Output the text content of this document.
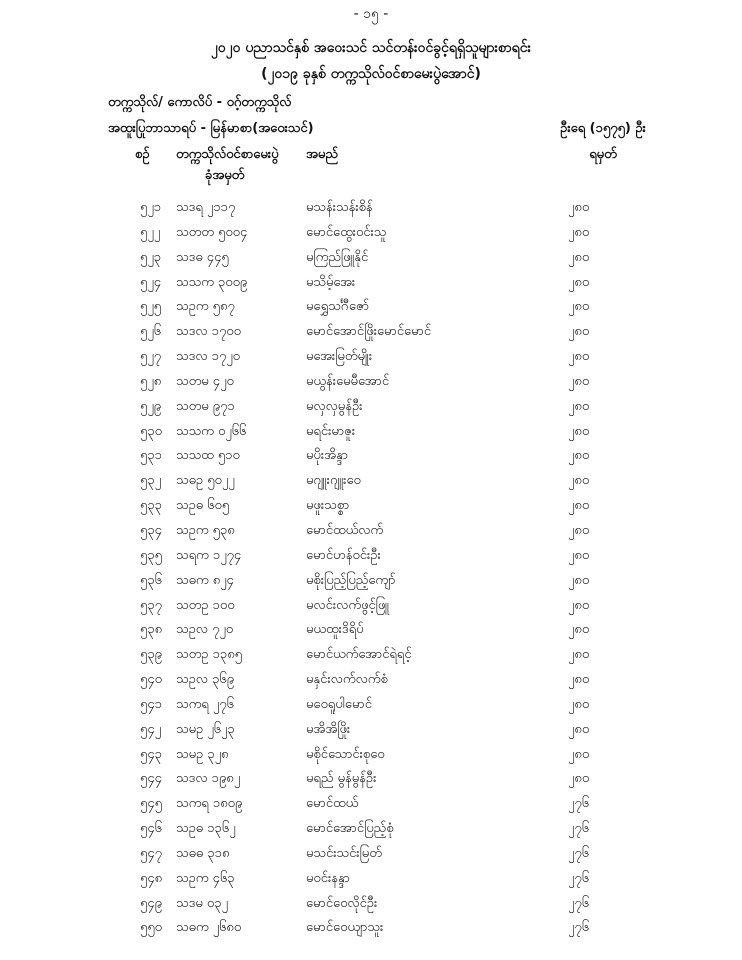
- ၁၅ -
၂၀၂၀ ပညာသင်နှစ် အဝေးသင် သင်တန်းဝင်ခွင့်ရရှိသူများစာရင်း
(၂၀၁၉ ခုနှစ် တက္ကသိုလ်ဝင်စာမေးပွဲအောင်)
တက္ကသိုလ်/ ကောလိပ် - ဝဂ့်တက္ကသိုလ်
အထူးပြုဘာသာရပ် - မြန်မာစာ(အဝေးသင်)	ဦးရေ (၁၅၇၅) ဦး
ရမှတ်
စဉ် တက္ကသိုလ်ဝင်စာမေးပွဲ
ခုံအမှတ်
အမည်
၅၂၁ သဒရ ၂၁၁၇	မသန်းသန်းစိန်	၂၈၀
၅၂၂ သတတ ၅၀၀၄	မောင်ထွေးဝင်းသူ	၂၈၀
၅၂၃ သဒဓ ၄၄၅	မကြည်ဖြူနိုင်	၂၈၀
၅၂၄ သသက ၃၀၀၉	မသိမ့်အေး	၂၈၀
၅၂၅ သဥက ၅၈၇	မရွှေသင်္ဂီဇော်	၂၈၀
၅၂၆ သဒလ ၁၇၀၀	မောင်အောင်ဖြိုးမောင်မောင်	၂၈၀
၅၂၇ သဒလ ၁၇၂၀	မအေးမြတ်မျိုး	၂၈၀
၅၂၈ သတမ ၄၂၀	မယွန်းမေမီအောင်	၂၈၀
၅၂၉ သတမ ၉၇၁	မလှလှမွန်ဦး	၂၈၀
၅၃၀ သသက ၀၂၆၆	မရင်းမာဇူး	၂၈၀
၅၃၁ သသထ ၅၁၀	မပိုးအိန္ဒာ	၂၈၀
၅၃၂ သဓဥ ၅၀၂၂	မဂျူးဂျူးဝေ	၂၈၀
၅၃၃ သဥဓ ၆၀၅	မဖူးသစ္စာ	၂၈၀
၅၃၄ သဥက ၅၃၈	မောင်ထယ်လက်	၂၈၀
၅၃၅ သရက ၁၂၇၄	မောင်ဟန်ဝင်းဦး	၂၈၀
၅၃၆ သဓက ၈၂၄	မစိုးပြည့်ပြည့်ကျော်	၂၈၀
၅၃၇ သတဥ ၁၀၀	မလင်းလက်ဖွင့်ဖြူ	၂၈၀
၅၃၈ သဥလ ၇၂၀	မယထူးဒိရိပ်	၂၈၀
၅၃၉ သတဥ ၁၃၈၅	မောင်ယက်အောင်ရဲရင့်	၂၈၀
၅၄၀ သဥလ ၃၆၉	မနှင်းလက်လက်စံ	၂၈၀
၅၄၁ သကရ ၂၇၆	မဝေရူပါမောင်	၂၈၀
၅၄၂ သမဥ ၂၆၂၃	မအိအိဖြိုး	၂၈၀
၅၄၃ သမဥ ၃၂၈	မစိုင်သောင်းစုဝေ	၂၈၀
၅၄၄ သဒလ ၁၉၈၂	မရည် မွန်မွန်ဦး	၂၈၀
၅၄၅ သကရ ၁၈၀၉	မောင်ထယ်	၂၇၆
၅၄၆ သဥဓ ၁၃၆၂	မောင်အောင်ပြည့်စုံ	၂၇၆
၅၄၇ သဓဓ ၃၁၈	မသင်းသင်းမြတ်	၂၇၆
၅၄၈ သဥက ၄၆၃	မဝင်းနန္ဒာ	၂၇၆
၅၄၉ သဒမ ၀၃၂	မောင်ဝေလိုင်ဦး	၂၇၆
၅၅၀ သဓက ၂၆၈၀	မောင်ဝေယျာသူး	၂၇၆
